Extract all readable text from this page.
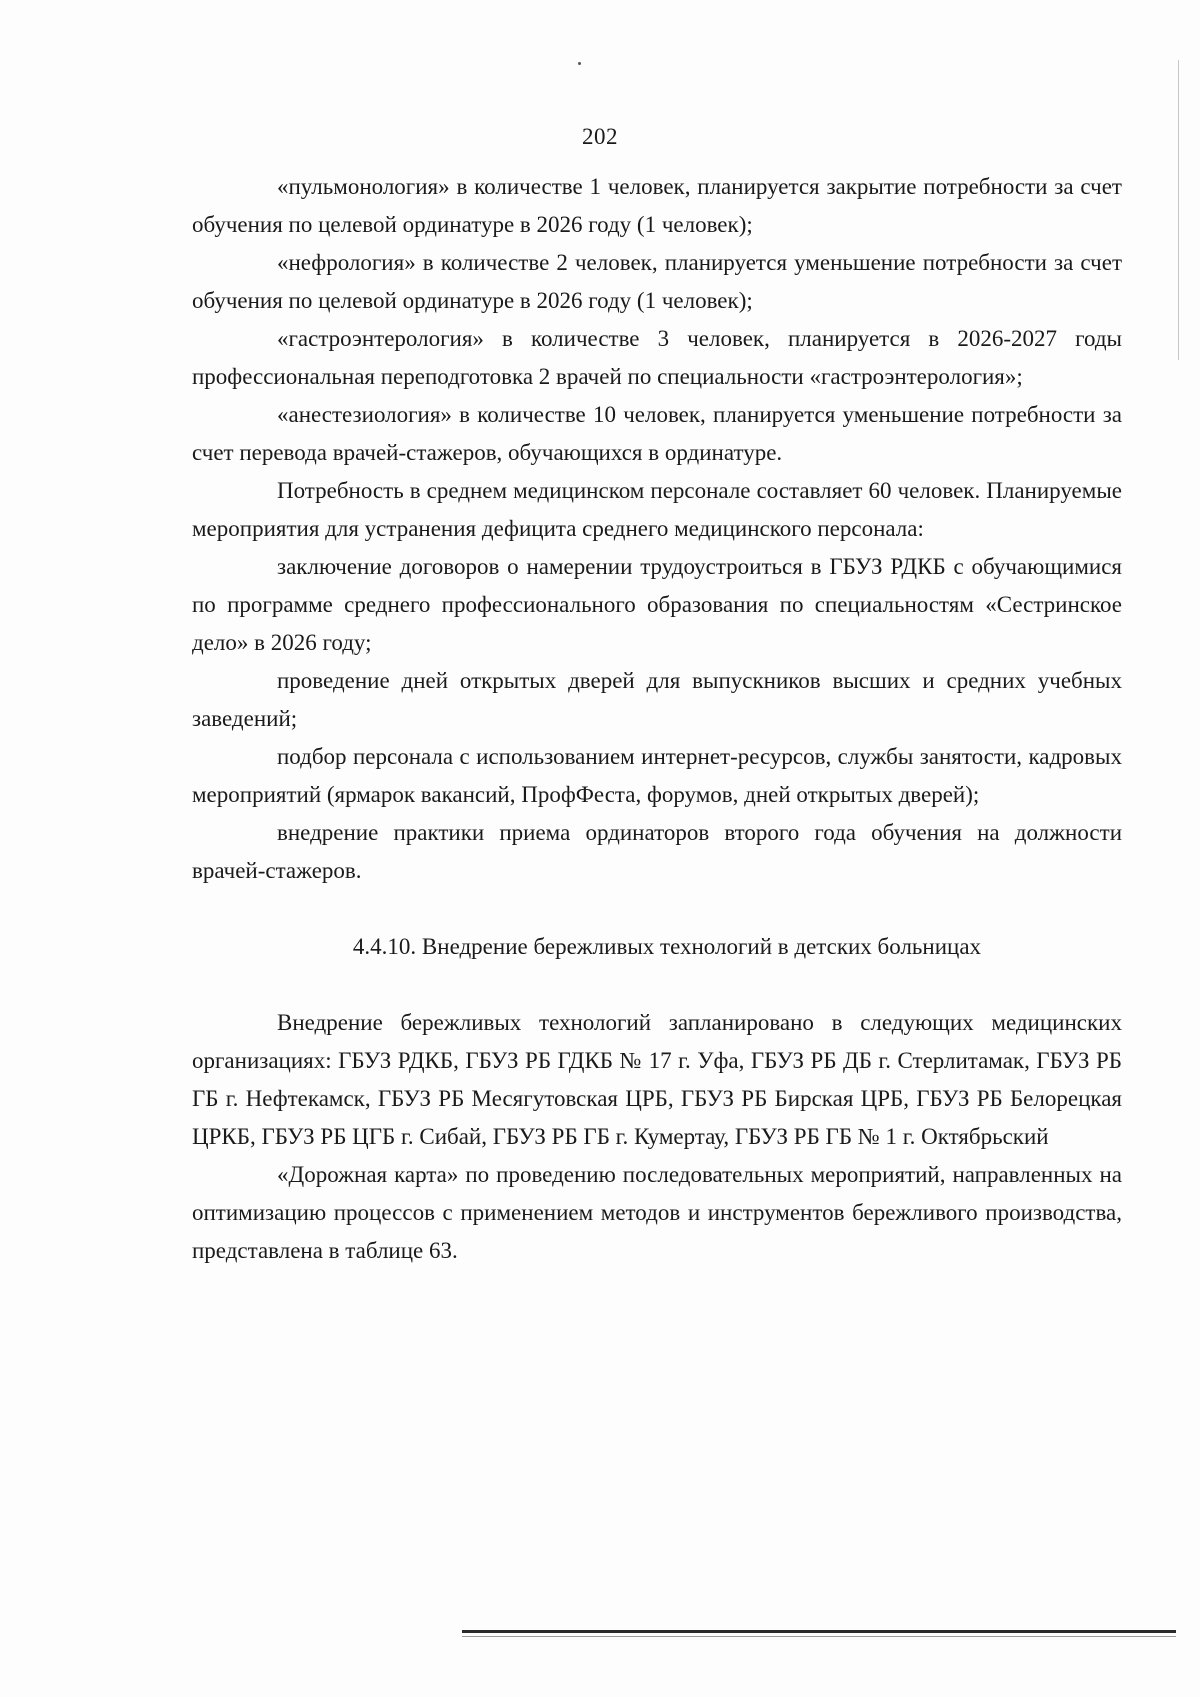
202

«пульмонология» в количестве 1 человек, планируется закрытие потребности за счет обучения по целевой ординатуре в 2026 году (1 человек);

«нефрология» в количестве 2 человек, планируется уменьшение потребности за счет обучения по целевой ординатуре в 2026 году (1 человек);

«гастроэнтерология» в количестве 3 человек, планируется в 2026-2027 годы профессиональная переподготовка 2 врачей по специальности «гастроэнтерология»;

«анестезиология» в количестве 10 человек, планируется уменьшение потребности за счет перевода врачей-стажеров, обучающихся в ординатуре.

Потребность в среднем медицинском персонале составляет 60 человек. Планируемые мероприятия для устранения дефицита среднего медицинского персонала:

заключение договоров о намерении трудоустроиться в ГБУЗ РДКБ с обучающимися по программе среднего профессионального образования по специальностям «Сестринское дело» в 2026 году;

проведение дней открытых дверей для выпускников высших и средних учебных заведений;

подбор персонала с использованием интернет-ресурсов, службы занятости, кадровых мероприятий (ярмарок вакансий, ПрофФеста, форумов, дней открытых дверей);

внедрение практики приема ординаторов второго года обучения на должности врачей-стажеров.

4.4.10. Внедрение бережливых технологий в детских больницах

Внедрение бережливых технологий запланировано в следующих медицинских организациях: ГБУЗ РДКБ, ГБУЗ РБ ГДКБ № 17 г. Уфа, ГБУЗ РБ ДБ г. Стерлитамак, ГБУЗ РБ ГБ г. Нефтекамск, ГБУЗ РБ Месягутовская ЦРБ, ГБУЗ РБ Бирская ЦРБ, ГБУЗ РБ Белорецкая ЦРКБ, ГБУЗ РБ ЦГБ г. Сибай, ГБУЗ РБ ГБ г. Кумертау, ГБУЗ РБ ГБ № 1 г. Октябрьский

«Дорожная карта» по проведению последовательных мероприятий, направленных на оптимизацию процессов с применением методов и инструментов бережливого производства, представлена в таблице 63.
